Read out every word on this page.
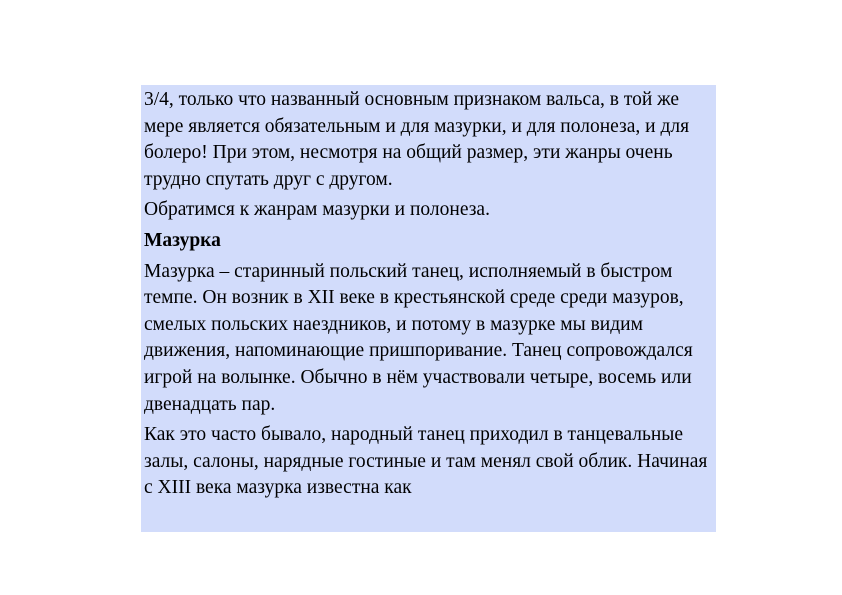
3/4, только что названный основным признаком вальса, в той же мере является обязательным и для мазурки, и для полонеза, и для болеро! При этом, несмотря на общий размер, эти жанры очень трудно спутать друг с другом.

Обратимся к жанрам мазурки и полонеза.

Мазурка

Мазурка – старинный польский танец, исполняемый в быстром темпе. Он возник в XII веке в крестьянской среде среди мазуров, смелых польских наездников, и потому в мазурке мы видим движения, напоминающие пришпоривание. Танец сопровождался игрой на волынке. Обычно в нём участвовали четыре, восемь или двенадцать пар.

Как это часто бывало, народный танец приходил в танцевальные залы, салоны, нарядные гостиные и там менял свой облик. Начиная с XIII века мазурка известна как
